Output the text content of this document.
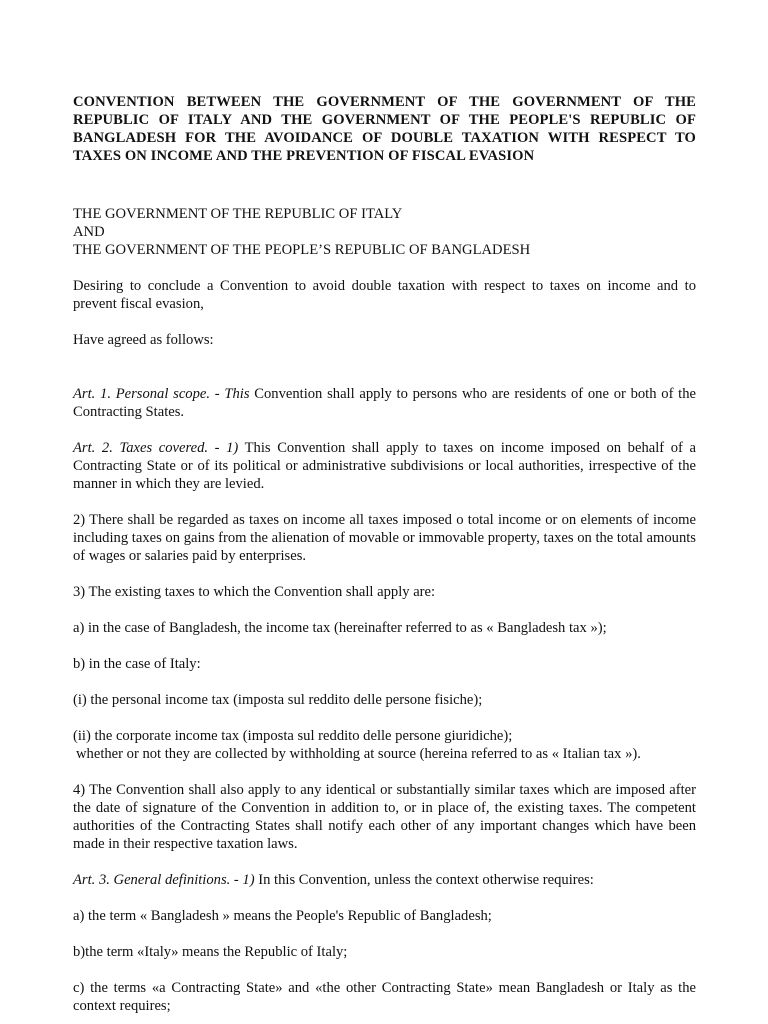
CONVENTION BETWEEN THE GOVERNMENT OF THE GOVERNMENT OF THE REPUBLIC OF ITALY AND THE GOVERNMENT OF THE PEOPLE'S REPUBLIC OF BANGLADESH FOR THE AVOIDANCE OF DOUBLE TAXATION WITH RESPECT TO TAXES ON INCOME AND THE PREVENTION OF FISCAL EVASION

THE GOVERNMENT OF THE REPUBLIC OF ITALY
AND
THE GOVERNMENT OF THE PEOPLE’S REPUBLIC OF BANGLADESH

Desiring to conclude a Convention to avoid double taxation with respect to taxes on income and to prevent fiscal evasion,

Have agreed as follows:

Art. 1. Personal scope. - This Convention shall apply to persons who are residents of one or both of the Contracting States.

Art. 2. Taxes covered. - 1) This Convention shall apply to taxes on income imposed on behalf of a Contracting State or of its political or administrative subdivisions or local authorities, irrespective of the manner in which they are levied.

2) There shall be regarded as taxes on income all taxes imposed o total income or on elements of income including taxes on gains from the alienation of movable or immovable property, taxes on the total amounts of wages or salaries paid by enterprises.

3) The existing taxes to which the Convention shall apply are:

a) in the case of Bangladesh, the income tax (hereinafter referred to as « Bangladesh tax »);

b) in the case of Italy:

(i) the personal income tax (imposta sul reddito delle persone fisiche);

(ii) the corporate income tax (imposta sul reddito delle persone giuridiche);

whether or not they are collected by withholding at source (hereina referred to as « Italian tax »).

4) The Convention shall also apply to any identical or substantially similar taxes which are imposed after the date of signature of the Convention in addition to, or in place of, the existing taxes. The competent authorities of the Contracting States shall notify each other of any important changes which have been made in their respective taxation laws.

Art. 3. General definitions. - 1) In this Convention, unless the context otherwise requires:

a) the term « Bangladesh » means the People's Republic of Bangladesh;

b)the term «Italy» means the Republic of Italy;

c) the terms «a Contracting State» and «the other Contracting State» mean Bangladesh or Italy as the context requires;
